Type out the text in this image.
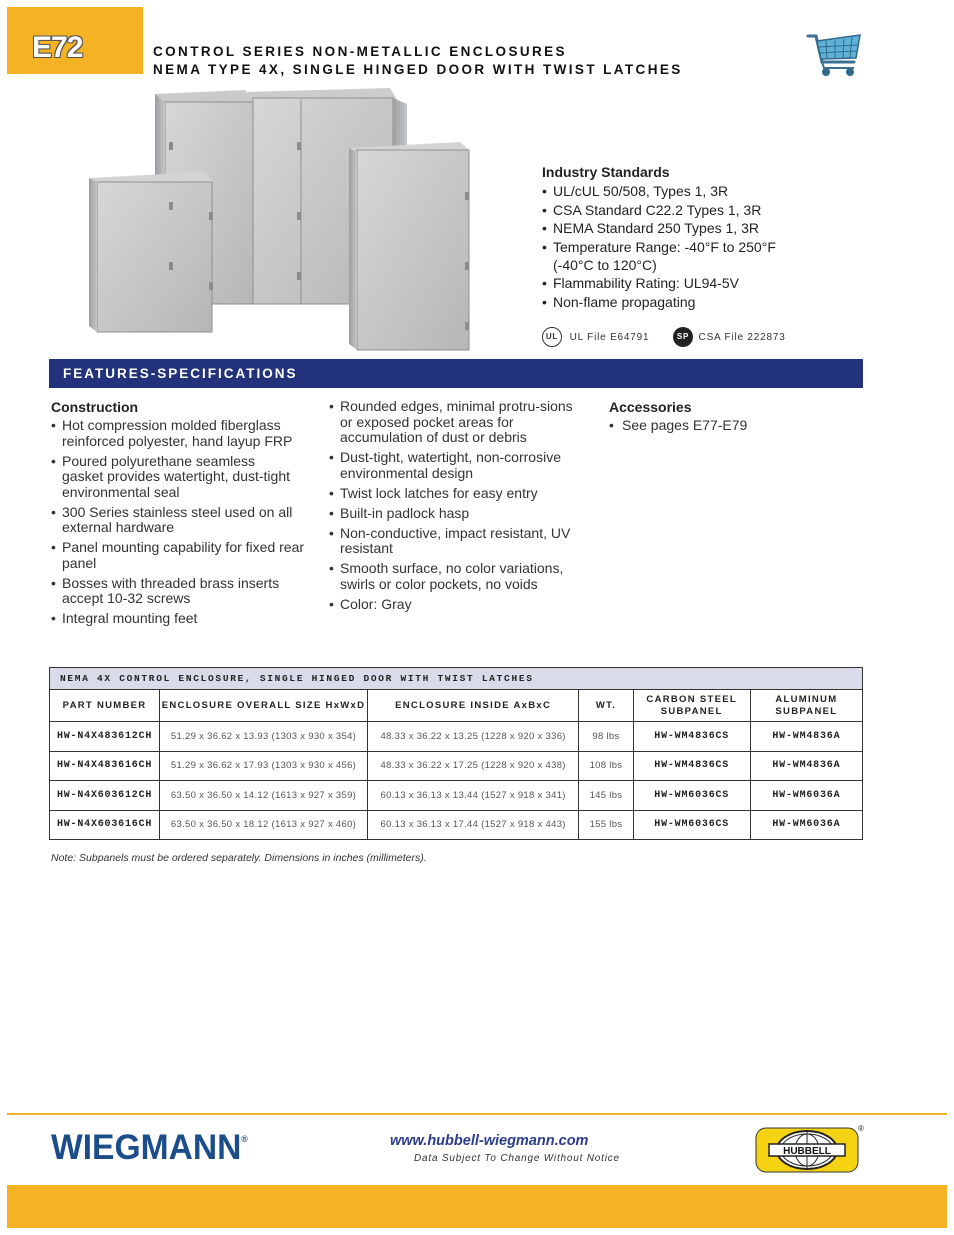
E72	CONTROL SERIES NON-METALLIC ENCLOSURES
NEMA TYPE 4X, SINGLE HINGED DOOR WITH TWIST LATCHES
Industry Standards
• UL/cUL 50/508, Types 1, 3R
• CSA Standard C22.2 Types 1, 3R
• NEMA Standard 250 Types 1, 3R
• Temperature Range: -40°F to 250°F (-40°C to 120°C)
• Flammability Rating: UL94-5V
• Non-flame propagating
UL UL File E64791	SP CSA File 222873
FEATURES-SPECIFICATIONS
Construction
• Hot compression molded fiberglass reinforced polyester, hand layup FRP
• Poured polyurethane seamless gasket provides watertight, dust-tight environmental seal
• 300 Series stainless steel used on all external hardware
• Panel mounting capability for fixed rear panel
• Bosses with threaded brass inserts accept 10-32 screws
• Integral mounting feet
• Rounded edges, minimal protru-sions or exposed pocket areas for accumulation of dust or debris
• Dust-tight, watertight, non-corrosive environmental design
• Twist lock latches for easy entry
• Built-in padlock hasp
• Non-conductive, impact resistant, UV resistant
• Smooth surface, no color variations, swirls or color pockets, no voids
• Color: Gray
Accessories
• See pages E77-E79
NEMA 4X CONTROL ENCLOSURE, SINGLE HINGED DOOR WITH TWIST LATCHES					
PART NUMBER	ENCLOSURE OVERALL SIZE HxWxD	ENCLOSURE INSIDE AxBxC	WT.	CARBON STEEL SUBPANEL	ALUMINUM SUBPANEL
HW-N4X483612CH	51.29 x 36.62 x 13.93 (1303 x 930 x 354)	48.33 x 36.22 x 13.25 (1228 x 920 x 336)	98 lbs	HW-WM4836CS	HW-WM4836A
HW-N4X483616CH	51.29 x 36.62 x 17.93 (1303 x 930 x 456)	48.33 x 36.22 x 17.25 (1228 x 920 x 438)	108 lbs	HW-WM4836CS	HW-WM4836A
HW-N4X603612CH	63.50 x 36.50 x 14.12 (1613 x 927 x 359)	60.13 x 36.13 x 13.44 (1527 x 918 x 341)	145 lbs	HW-WM6036CS	HW-WM6036A
HW-N4X603616CH	63.50 x 36.50 x 18.12 (1613 x 927 x 460)	60.13 x 36.13 x 17.44 (1527 x 918 x 443)	155 lbs	HW-WM6036CS	HW-WM6036A
Note: Subpanels must be ordered separately. Dimensions in inches (millimeters).
WIEGMANN®	www.hubbell-wiegmann.com
Data Subject To Change Without Notice
HUBBELL
®
